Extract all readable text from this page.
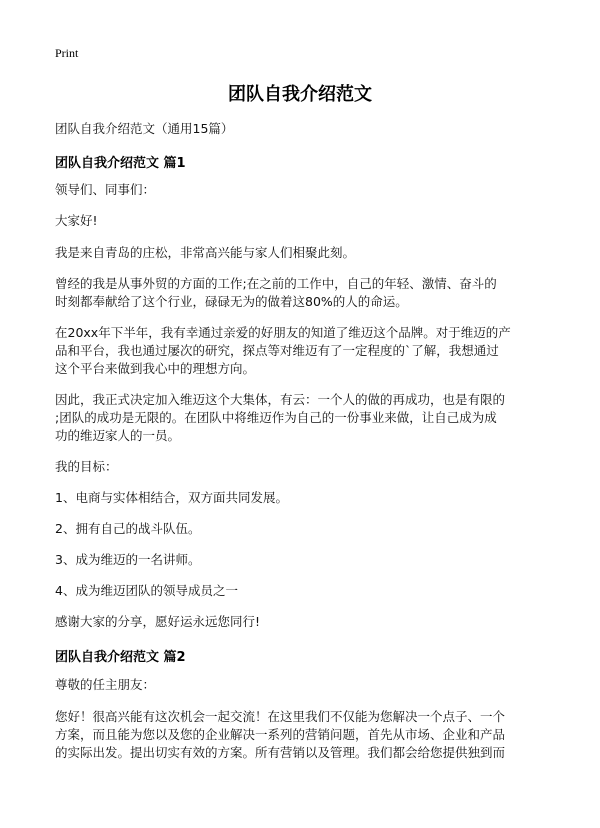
Print
团队自我介绍范文
团队自我介绍范文（通用15篇）
团队自我介绍范文 篇1
领导们、同事们：
大家好!
我是来自青岛的庄松，非常高兴能与家人们相聚此刻。
曾经的我是从事外贸的方面的工作;在之前的工作中，自己的年轻、激情、奋斗的
时刻都奉献给了这个行业，碌碌无为的做着这80%的人的命运。
在20xx年下半年，我有幸通过亲爱的好朋友的知道了维迈这个品牌。对于维迈的产
品和平台，我也通过屡次的研究，探点等对维迈有了一定程度的`了解，我想通过
这个平台来做到我心中的理想方向。
因此，我正式决定加入维迈这个大集体，有云：一个人的做的再成功，也是有限的
;团队的成功是无限的。在团队中将维迈作为自己的一份事业来做，让自己成为成
功的维迈家人的一员。
我的目标：
1、电商与实体相结合，双方面共同发展。
2、拥有自己的战斗队伍。
3、成为维迈的一名讲师。
4、成为维迈团队的领导成员之一
感谢大家的分享，愿好运永远您同行!
团队自我介绍范文 篇2
尊敬的任主朋友：
您好！很高兴能有这次机会一起交流！在这里我们不仅能为您解决一个点子、一个
方案，而且能为您以及您的企业解决一系列的营销问题，首先从市场、企业和产品
的实际出发。提出切实有效的方案。所有营销以及管理。我们都会给您提供独到而
